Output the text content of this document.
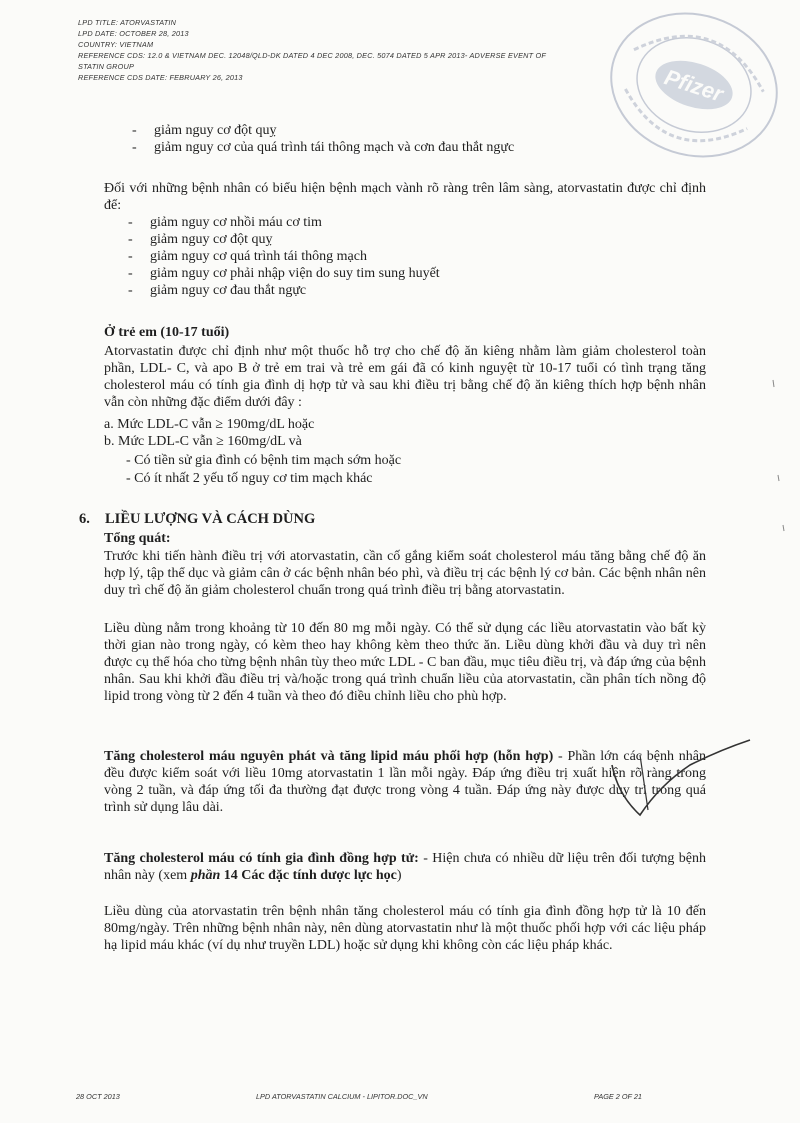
LPD TITLE: ATORVASTATIN
LPD DATE: OCTOBER 28, 2013
COUNTRY: VIETNAM
REFERENCE CDS: 12.0 & VIETNAM DEC. 12048/QLD-DK DATED 4 DEC 2008, DEC. 5074 DATED 5 APR 2013- ADVERSE EVENT OF
STATIN GROUP
REFERENCE CDS DATE: FEBRUARY 26, 2013	Pfizer
- giảm nguy cơ đột quỵ
- giảm nguy cơ của quá trình tái thông mạch và cơn đau thắt ngực
Đối với những bệnh nhân có biểu hiện bệnh mạch vành rõ ràng trên lâm sàng, atorvastatin được chỉ định để:
- giảm nguy cơ nhồi máu cơ tim
- giảm nguy cơ đột quỵ
- giảm nguy cơ quá trình tái thông mạch
- giảm nguy cơ phải nhập viện do suy tim sung huyết
- giảm nguy cơ đau thắt ngực
Ở trẻ em (10-17 tuổi)
Atorvastatin được chỉ định như một thuốc hỗ trợ cho chế độ ăn kiêng nhằm làm giảm cholesterol toàn phần, LDL- C, và apo B ở trẻ em trai và trẻ em gái đã có kinh nguyệt từ 10-17 tuổi có tình trạng tăng cholesterol máu có tính gia đình dị hợp tử và sau khi điều trị bằng chế độ ăn kiêng thích hợp bệnh nhân vẫn còn những đặc điểm dưới đây :
a. Mức LDL-C vẫn ≥ 190mg/dL hoặc
b. Mức LDL-C vẫn ≥ 160mg/dL và
- Có tiền sử gia đình có bệnh tim mạch sớm hoặc
- Có ít nhất 2 yếu tố nguy cơ tim mạch khác
6. LIỀU LƯỢNG VÀ CÁCH DÙNG
Tổng quát:
Trước khi tiến hành điều trị với atorvastatin, cần cố gắng kiểm soát cholesterol máu tăng bằng chế độ ăn hợp lý, tập thể dục và giảm cân ở các bệnh nhân béo phì, và điều trị các bệnh lý cơ bản. Các bệnh nhân nên duy trì chế độ ăn giảm cholesterol chuẩn trong quá trình điều trị bằng atorvastatin.
Liều dùng nằm trong khoảng từ 10 đến 80 mg mỗi ngày. Có thể sử dụng các liều atorvastatin vào bất kỳ thời gian nào trong ngày, có kèm theo hay không kèm theo thức ăn. Liều dùng khởi đầu và duy trì nên được cụ thể hóa cho từng bệnh nhân tùy theo mức LDL - C ban đầu, mục tiêu điều trị, và đáp ứng của bệnh nhân. Sau khi khởi đầu điều trị và/hoặc trong quá trình chuẩn liều của atorvastatin, cần phân tích nồng độ lipid trong vòng từ 2 đến 4 tuần và theo đó điều chỉnh liều cho phù hợp.
Tăng cholesterol máu nguyên phát và tăng lipid máu phối hợp (hỗn hợp) - Phần lớn các bệnh nhân đều được kiểm soát với liều 10mg atorvastatin 1 lần mỗi ngày. Đáp ứng điều trị xuất hiện rõ ràng trong vòng 2 tuần, và đáp ứng tối đa thường đạt được trong vòng 4 tuần. Đáp ứng này được duy trì trong quá trình sử dụng lâu dài.
Tăng cholesterol máu có tính gia đình đồng hợp tử: - Hiện chưa có nhiều dữ liệu trên đối tượng bệnh nhân này (xem phần 14 Các đặc tính dược lực học)
Liều dùng của atorvastatin trên bệnh nhân tăng cholesterol máu có tính gia đình đồng hợp tử là 10 đến 80mg/ngày. Trên những bệnh nhân này, nên dùng atorvastatin như là một thuốc phối hợp với các liệu pháp hạ lipid máu khác (ví dụ như truyền LDL) hoặc sử dụng khi không còn các liệu pháp khác.
28 OCT 2013	LPD ATORVASTATIN CALCIUM - LIPITOR.DOC_VN	PAGE 2 OF 21
